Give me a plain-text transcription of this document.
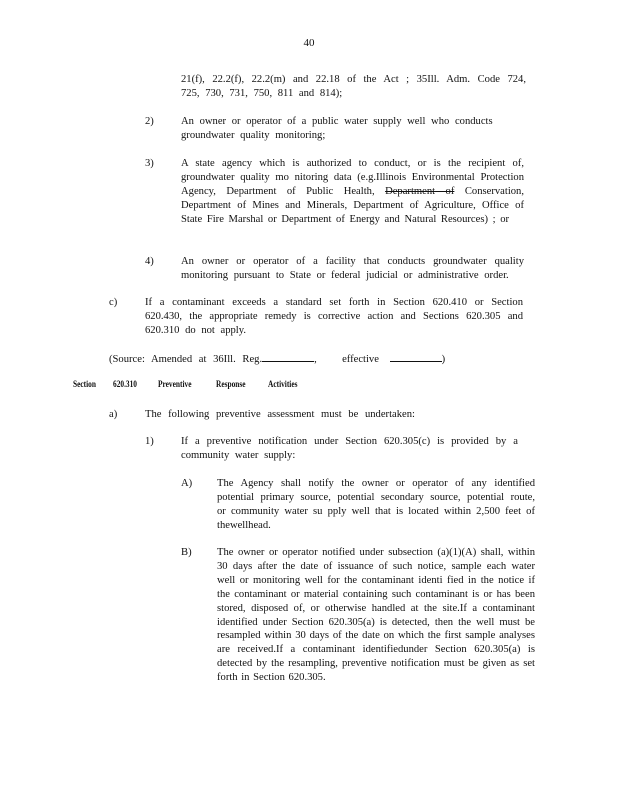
40
21(f), 22.2(f), 22.2(m) and 22.18 of the Act ; 35Ill. Adm. Code 724, 725, 730, 731, 750, 811 and 814);
2)	An owner or operator of a public water supply well who conducts groundwater quality monitoring;
3)	A state agency which is authorized to conduct, or is the recipient of, groundwater quality mo nitoring data (e.g.Illinois Environmental Protection Agency, Department of Public Health, Department of Conservation, Department of Mines and Minerals, Department of Agriculture, Office of State Fire Marshal or Department of Energy and Natural Resources) ; or
4)	An owner or operator of a facility that conducts groundwater quality monitoring pursuant to State or federal judicial or administrative order.
c)	If a contaminant exceeds a standard set forth in Section 620.410 or Section 620.430, the appropriate remedy is corrective action and Sections 620.305 and 620.310 do not apply.
(Source: Amended at 36Ill. Reg.	, effective	)
Section 620.310 Preventive	Response Activities
a)	The following preventive assessment must be undertaken:
1)	If a preventive notification under Section 620.305(c) is provided by a community water supply:
A) The Agency shall notify the owner or operator of any identified potential primary source, potential secondary source, potential route, or community water su pply well that is located within 2,500 feet of thewellhead.
B) The owner or operator notified under subsection (a)(1)(A) shall, within 30 days after the date of issuance of such notice, sample each water well or monitoring well for the contaminant identi fied in the notice if the contaminant or material containing such contaminant is or has been stored, disposed of, or otherwise handled at the site.If a contaminant identified under Section 620.305(a) is detected, then the well must be resampled within 30 days of the date on which the first sample analyses are received.If a contaminant identifiedunder Section 620.305(a) is detected by the resampling, preventive notification must be given as set forth in Section 620.305.
